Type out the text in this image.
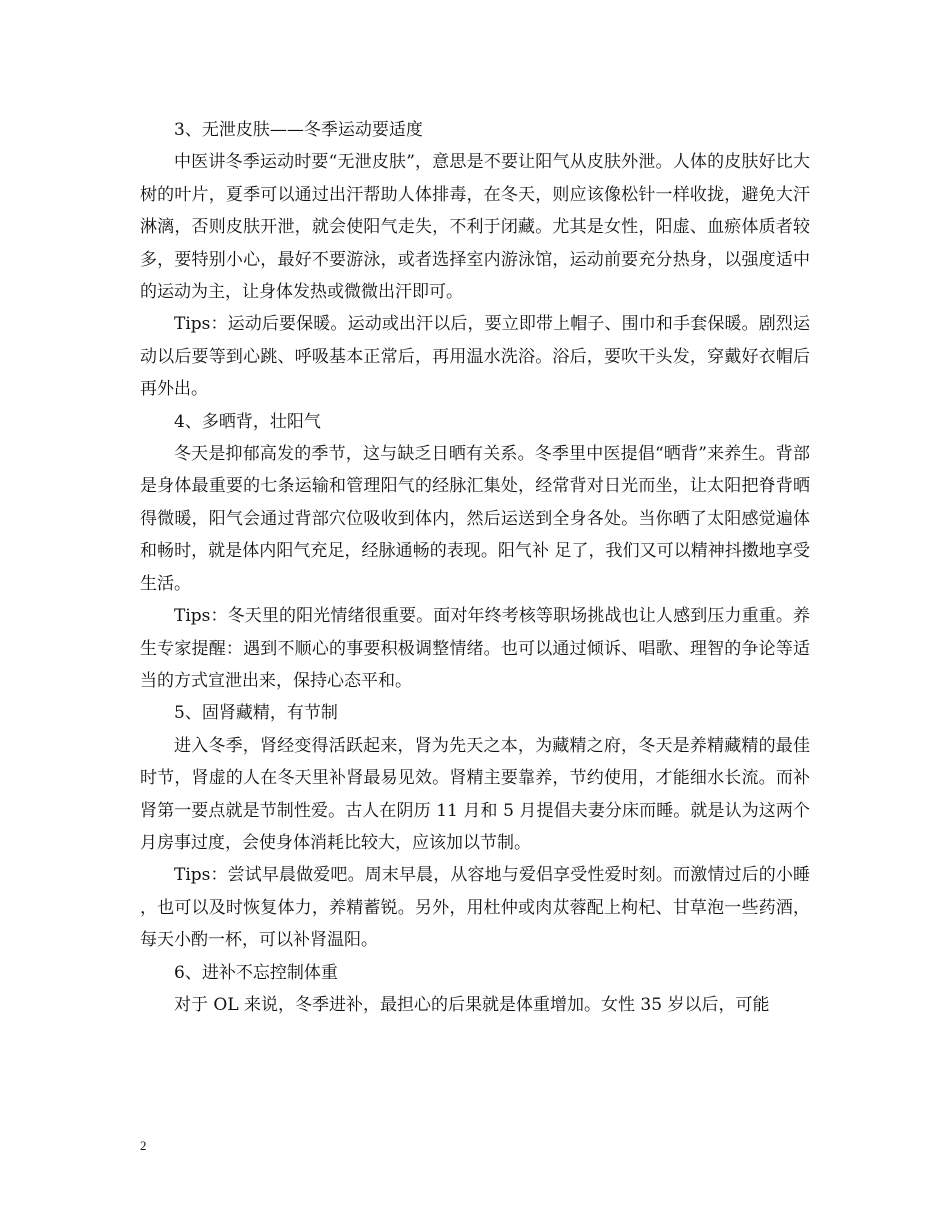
3、无泄皮肤——冬季运动要适度

中医讲冬季运动时要“无泄皮肤”，意思是不要让阳气从皮肤外泄。人体的皮肤好比大树的叶片，夏季可以通过出汗帮助人体排毒，在冬天，则应该像松针一样收拢，避免大汗淋漓，否则皮肤开泄，就会使阳气走失，不利于闭藏。尤其是女性，阳虚、血瘀体质者较多，要特别小心，最好不要游泳，或者选择室内游泳馆，运动前要充分热身，以强度适中的运动为主，让身体发热或微微出汗即可。

Tips：运动后要保暖。运动或出汗以后，要立即带上帽子、围巾和手套保暖。剧烈运动以后要等到心跳、呼吸基本正常后，再用温水洗浴。浴后，要吹干头发，穿戴好衣帽后再外出。

4、多晒背，壮阳气

冬天是抑郁高发的季节，这与缺乏日晒有关系。冬季里中医提倡“晒背”来养生。背部是身体最重要的七条运输和管理阳气的经脉汇集处，经常背对日光而坐，让太阳把脊背晒得微暖，阳气会通过背部穴位吸收到体内，然后运送到全身各处。当你晒了太阳感觉遍体和畅时，就是体内阳气充足，经脉通畅的表现。阳气补 足了，我们又可以精神抖擞地享受生活。

Tips：冬天里的阳光情绪很重要。面对年终考核等职场挑战也让人感到压力重重。养生专家提醒：遇到不顺心的事要积极调整情绪。也可以通过倾诉、唱歌、理智的争论等适当的方式宣泄出来，保持心态平和。

5、固肾藏精，有节制

进入冬季，肾经变得活跃起来，肾为先天之本，为藏精之府，冬天是养精藏精的最佳时节，肾虚的人在冬天里补肾最易见效。肾精主要靠养，节约使用，才能细水长流。而补肾第一要点就是节制性爱。古人在阴历 11 月和 5 月提倡夫妻分床而睡。就是认为这两个月房事过度，会使身体消耗比较大，应该加以节制。

Tips：尝试早晨做爱吧。周末早晨，从容地与爱侣享受性爱时刻。而激情过后的小睡，也可以及时恢复体力，养精蓄锐。另外，用杜仲或肉苁蓉配上枸杞、甘草泡一些药酒，每天小酌一杯，可以补肾温阳。

6、进补不忘控制体重

对于 OL 来说，冬季进补，最担心的后果就是体重增加。女性 35 岁以后，可能

2
